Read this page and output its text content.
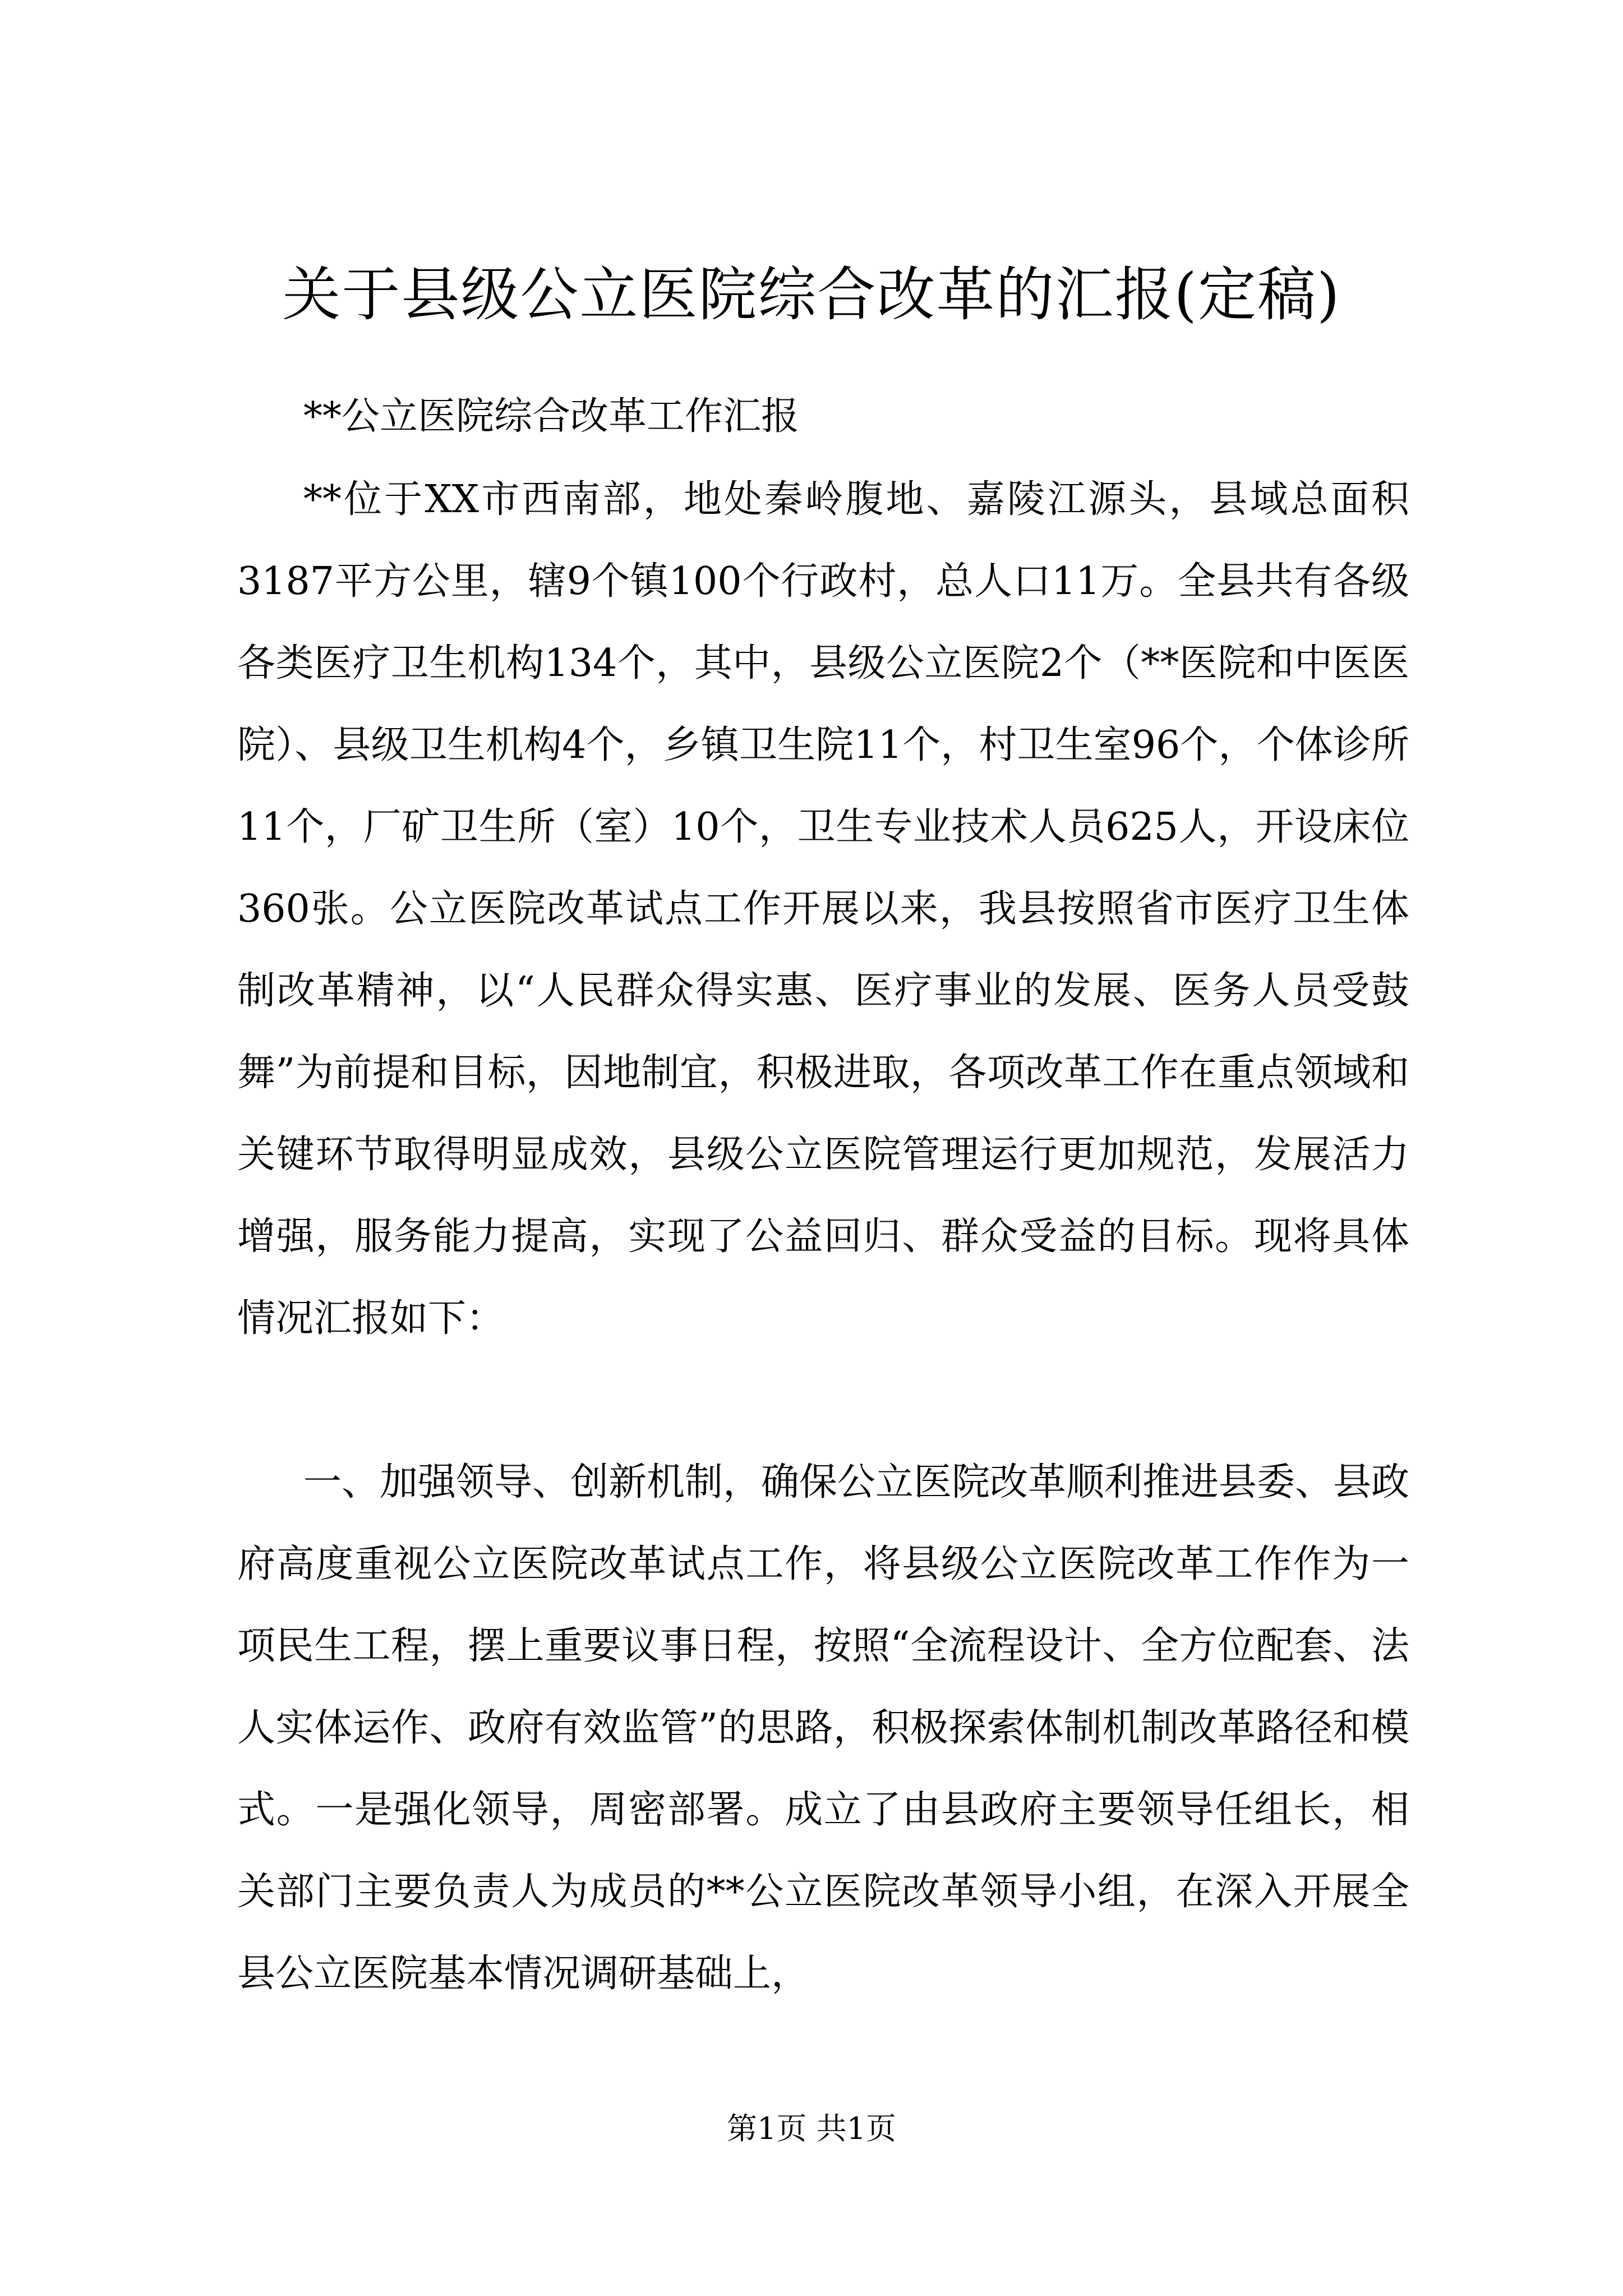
关于县级公立医院综合改革的汇报(定稿)

**公立医院综合改革工作汇报

**位于XX市西南部，地处秦岭腹地、嘉陵江源头，县域总面积3187平方公里，辖9个镇100个行政村，总人口11万。全县共有各级各类医疗卫生机构134个，其中，县级公立医院2个（**医院和中医医院）、县级卫生机构4个，乡镇卫生院11个，村卫生室96个，个体诊所11个，厂矿卫生所（室）10个，卫生专业技术人员625人，开设床位360张。公立医院改革试点工作开展以来，我县按照省市医疗卫生体制改革精神，以“人民群众得实惠、医疗事业的发展、医务人员受鼓舞”为前提和目标，因地制宜，积极进取，各项改革工作在重点领域和关键环节取得明显成效，县级公立医院管理运行更加规范，发展活力增强，服务能力提高，实现了公益回归、群众受益的目标。现将具体情况汇报如下：

一、加强领导、创新机制，确保公立医院改革顺利推进县委、县政府高度重视公立医院改革试点工作，将县级公立医院改革工作作为一项民生工程，摆上重要议事日程，按照“全流程设计、全方位配套、法人实体运作、政府有效监管”的思路，积极探索体制机制改革路径和模式。一是强化领导，周密部署。成立了由县政府主要领导任组长，相关部门主要负责人为成员的**公立医院改革领导小组，在深入开展全县公立医院基本情况调研基础上，

第1页 共1页
